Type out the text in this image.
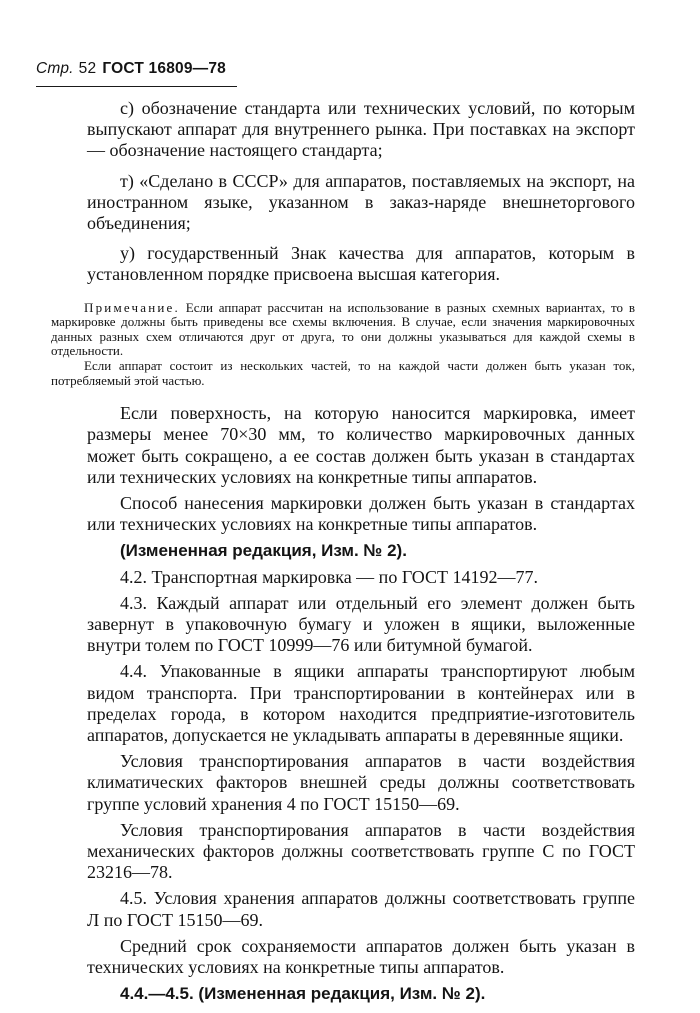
Стр. 52 ГОСТ 16809—78

с) обозначение стандарта или технических условий, по которым выпускают аппарат для внутреннего рынка. При поставках на экспорт — обозначение настоящего стандарта;

т) «Сделано в СССР» для аппаратов, поставляемых на экспорт, на иностранном языке, указанном в заказ-наряде внешнеторгового объединения;

у) государственный Знак качества для аппаратов, которым в установленном порядке присвоена высшая категория.

Примечание. Если аппарат рассчитан на использование в разных схемных вариантах, то в маркировке должны быть приведены все схемы включения. В случае, если значения маркировочных данных разных схем отличаются друг от друга, то они должны указываться для каждой схемы в отдельности.

Если аппарат состоит из нескольких частей, то на каждой части должен быть указан ток, потребляемый этой частью.

Если поверхность, на которую наносится маркировка, имеет размеры менее 70×30 мм, то количество маркировочных данных может быть сокращено, а ее состав должен быть указан в стандартах или технических условиях на конкретные типы аппаратов.

Способ нанесения маркировки должен быть указан в стандартах или технических условиях на конкретные типы аппаратов.

(Измененная редакция, Изм. № 2).

4.2. Транспортная маркировка — по ГОСТ 14192—77.

4.3. Каждый аппарат или отдельный его элемент должен быть завернут в упаковочную бумагу и уложен в ящики, выложенные внутри толем по ГОСТ 10999—76 или битумной бумагой.

4.4. Упакованные в ящики аппараты транспортируют любым видом транспорта. При транспортировании в контейнерах или в пределах города, в котором находится предприятие-изготовитель аппаратов, допускается не укладывать аппараты в деревянные ящики.

Условия транспортирования аппаратов в части воздействия климатических факторов внешней среды должны соответствовать группе условий хранения 4 по ГОСТ 15150—69.

Условия транспортирования аппаратов в части воздействия механических факторов должны соответствовать группе С по ГОСТ 23216—78.

4.5. Условия хранения аппаратов должны соответствовать группе Л по ГОСТ 15150—69.

Средний срок сохраняемости аппаратов должен быть указан в технических условиях на конкретные типы аппаратов.

4.4.—4.5. (Измененная редакция, Изм. № 2).
